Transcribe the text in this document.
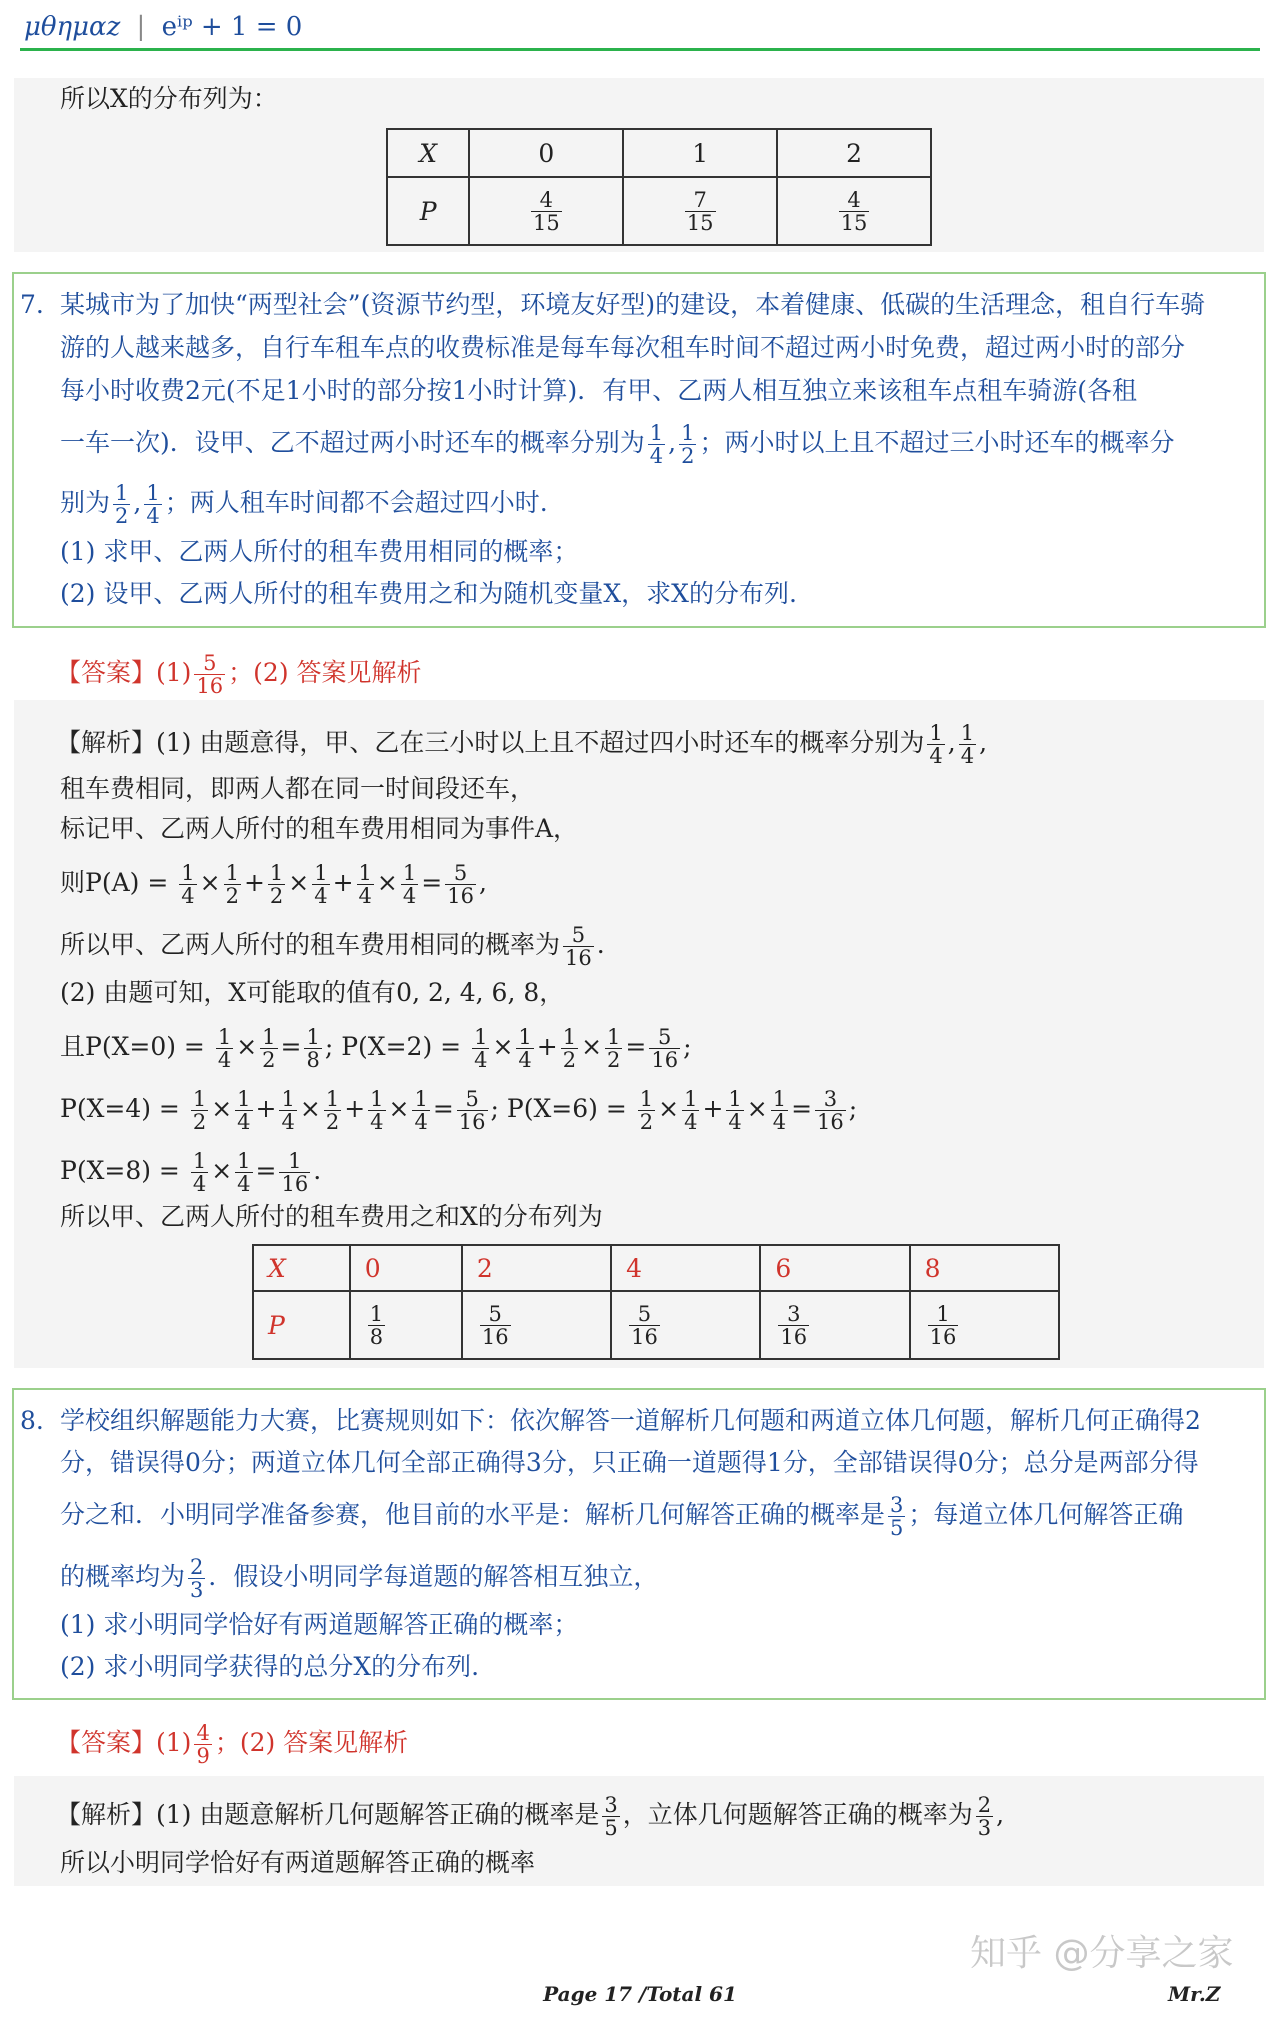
μθημαz | eⁱᵖ + 1 = 0
所以X的分布列为：
X	0	1	2
P	$\frac{4}{15}$	$\frac{7}{15}$	$\frac{4}{15}$
7. 某城市为了加快“两型社会”(资源节约型，环境友好型)的建设，本着健康、低碳的生活理念，租自行车骑
游的人越来越多，自行车租车点的收费标准是每车每次租车时间不超过两小时免费，超过两小时的部分
每小时收费2元(不足1小时的部分按1小时计算)．有甲、乙两人相互独立来该租车点租车骑游(各租
一车一次)．设甲、乙不超过两小时还车的概率分别为 $\frac{1}{4}$ , $\frac{1}{2}$ ；两小时以上且不超过三小时还车的概率分
别为 $\frac{1}{2}$ , $\frac{1}{4}$ ；两人租车时间都不会超过四小时.
(1) 求甲、乙两人所付的租车费用相同的概率；
(2) 设甲、乙两人所付的租车费用之和为随机变量X，求X的分布列.
【答案】$(1) \frac{5}{16}$ ；(2) 答案见解析
【解析】(1) 由题意得，甲、乙在三小时以上且不超过四小时还车的概率分别为 $\frac{1}{4}$ , $\frac{1}{4}$ ,
租车费相同，即两人都在同一时间段还车，
标记甲、乙两人所付的租车费用相同为事件A，
则$P(A) = \frac{1}{4} \times \frac{1}{2} + \frac{1}{2} \times \frac{1}{4} + \frac{1}{4} \times \frac{1}{4} = \frac{5}{16}$ ,
所以甲、乙两人所付的租车费用相同的概率为 $\frac{5}{16}$ .
(2) 由题可知，X可能取的值有0, 2, 4, 6, 8，
且$P(X=0) = \frac{1}{4} \times \frac{1}{2} = \frac{1}{8}$ ; $P(X=2) = \frac{1}{4} \times \frac{1}{4} + \frac{1}{2} \times \frac{1}{2} = \frac{5}{16}$ ;
$P(X=4) = \frac{1}{2} \times \frac{1}{4} + \frac{1}{4} \times \frac{1}{2} + \frac{1}{4} \times \frac{1}{4} = \frac{5}{16}$ ; $P(X=6) = \frac{1}{2} \times \frac{1}{4} + \frac{1}{4} \times \frac{1}{4} = \frac{3}{16}$ ;
$P(X=8) = \frac{1}{4} \times \frac{1}{4} = \frac{1}{16}$ .
所以甲、乙两人所付的租车费用之和X的分布列为
X	0	2	4	6	8
P	$\frac{1}{8}$	$\frac{5}{16}$	$\frac{5}{16}$	$\frac{3}{16}$	$\frac{1}{16}$
8. 学校组织解题能力大赛，比赛规则如下：依次解答一道解析几何题和两道立体几何题，解析几何正确得2
分，错误得0分；两道立体几何全部正确得3分，只正确一道题得1分，全部错误得0分；总分是两部分得
分之和．小明同学准备参赛，他目前的水平是：解析几何解答正确的概率是 $\frac{3}{5}$ ；每道立体几何解答正确
的概率均为 $\frac{2}{3}$ ．假设小明同学每道题的解答相互独立，
(1) 求小明同学恰好有两道题解答正确的概率；
(2) 求小明同学获得的总分X的分布列.
【答案】$(1) \frac{4}{9}$ ；(2) 答案见解析
【解析】(1) 由题意解析几何题解答正确的概率是 $\frac{3}{5}$ ，立体几何题解答正确的概率为 $\frac{2}{3}$ ,
所以小明同学恰好有两道题解答正确的概率
知乎 @分享之家
Page 17 /Total 61	Mr.Z
